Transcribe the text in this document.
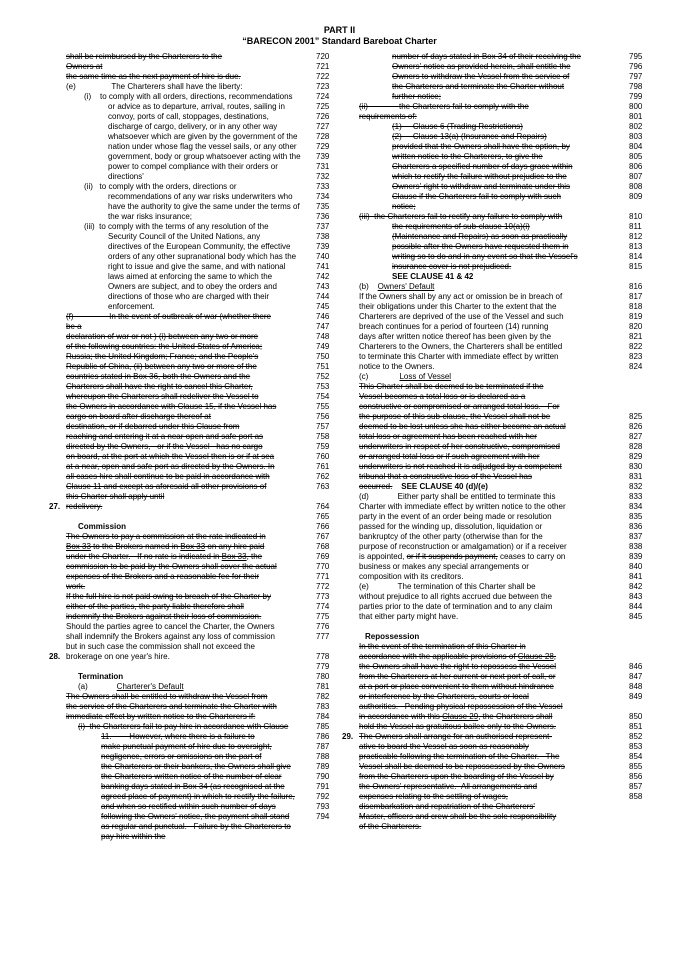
PART II
“BARECON 2001” Standard Bareboat Charter
shall be reimbursed by the Charterers to the	720
Owners at	721
the same time as the next payment of hire is due.	722
(e)                The Charterers shall have the liberty:	723
(i)    to comply with all orders, directions, recommendations	724
or advice as to departure, arrival, routes, sailing in	725
convoy, ports of call, stoppages, destinations,	726
discharge of cargo, delivery, or in any other way	727
whatsoever which are given by the government of the 728
nation under whose flag the vessel sails, or any other 729
government, body or group whatsoever acting with the 739
power to compel compliance with their orders or	731
directions'	732
(ii)   to comply with the orders, directions or	733
recommendations of any war risks underwriters who	734
have the authority to give the same under the terms of 735
the war risks insurance;	736
(iii)  to comply with the terms of any resolution of the	737
Security Council of the United Nations, any	738
directives of the European Community, the effective	739
orders of any other supranational body which has the 740
right to issue and give the same, and with national	741
laws aimed at enforcing the same to which the	742
Owners are subject, and to obey the orders and	743
directions of those who are charged with their	744
enforcement.	745
(f)                In the event of outbreak of war (whether there	746
be a	747
declaration of war or not ) (i) between any two or more	748
of the following countries: the United States of America;	749
Russia; the United Kingdom; France; and the People's	750
Republic of China, (ii) between any two or more of the	751
countries stated in Box 36, both the Owners and the	752
Charterers shall have the right to cancel this Charter,	753
whereupon the Charterers shall redeliver the Vessel to	754
the Owners in accordance with Clause 15, if the Vessel has	755
cargo on board after discharge thereof at	756
destination, or if debarred under this Clause from	757
reaching and entering it at a near open and safe port as	758
directed by the Owners,   or if the Vessel   has no cargo	759
on board, at the port at which the Vessel then is or if at sea	760
at a near, open and safe port as directed by the Owners. In	761
all cases hire shall continue to be paid in accordance with	762
Clause 11 and except as aforesaid all other provisions of	763
this Charter shall apply until
27. redelivery.	764
765
Commission	766
The Owners to pay a commission at the rate indicated in	767
Box 33 to the Brokers named in Box 33 on any hire paid	768
under the Charter.   If no rate is indicated in Box 33, the	769
commission to be paid by the Owners shall cover the actual	770
expenses of the Brokers and a reasonable fee for their	771
work.	772
If the full hire is not paid owing to breach of the Charter by	773
either of the parties, the party liable therefore shall	774
indemnify the Brokers against their loss of commission.	775
Should the parties agree to cancel the Charter, the Owners	776
shall indemnify the Brokers against any loss of commission	777
but in such case the commission shall not exceed the
28. brokerage on one year's hire.	778
779
Termination	780
(a)             Charterer's Default	781
The Owners shall be entitled to withdraw the Vessel from	782
the service of the Charterers and terminate the Charter with	783
immediate effect by written notice to the Charterers if:	784
(i)  the Charterers fail to pay hire in accordance with Clause	785
11.        However, where there is a failure to	786
make punctual payment of hire due to oversight,	787
negligence, errors or omissions on the part of	788
the Charterers or their bankers, the Owners shall give	789
the Charterers written notice of the number of clear	790
banking days stated in Box 34 (as recognised at the	791
agreed place of payment) in which to rectify the failure,	792
and when so rectified within such number of days	793
following the Owners' notice, the payment shall stand	794
as regular and punctual.   Failure by the Charterers to
pay hire within the
number of days stated in Box 34 of their receiving the	795
Owners' notice as provided herein, shall entitle the	796
Owners to withdraw the Vessel from the service of	797
the Charterers and terminate the Charter without	798
further notice;	799
(ii)              the Charterers fail to comply with the	800
requirements of:	801
(1)     Clause 6 (Trading Restrictions)	802
(2)     Clause 13(a) (Insurance and Repairs)	803
provided that the Owners shall have the option, by	804
written notice to the Charterers, to give the	805
Charterers a specified number of days grace within	806
which to rectify the failure without prejudice to the	807
Owners' right to withdraw and terminate under this	808
Clause if the Charterers fail to comply with such	809
notice;
(iii)  the Charterers fail to rectify any failure to comply with	810
the requirements of sub-clause 10(a)(i)	811
(Maintenance and Repairs) as soon as practically	812
possible after the Owners have requested them in	813
writing so to do and in any event so that the Vessel's	814
insurance cover is not prejudiced.	815
SEE CLAUSE 41 & 42
(b)    Owners' Default	816
If the Owners shall by any act or omission be in breach of	817
their obligations under this Charter to the extent that the	818
Charterers are deprived of the use of the Vessel and such	819
breach continues for a period of fourteen (14) running	820
days after written notice thereof has been given by the	821
Charterers to the Owners, the Charterers shall be entitled	822
to terminate this Charter with immediate effect by written	823
notice to the Owners.	824
(c)              Loss of Vessel
This Charter shall be deemed to be terminated if the
Vessel becomes a total loss or is declared as a
constructive or compromised or arranged total loss.   For
the purpose of this sub-clause, the Vessel shall not be	825
deemed to be lost unless she has either become an actual	826
total loss or agreement has been reached with her	827
underwriters in respect of her constructive, compromised	828
or arranged total loss or if such agreement with her	829
underwriters is not reached it is adjudged by a competent	830
tribunal that a constructive loss of the Vessel has	831
occurred.    SEE CLAUSE 40 (d)/(e)	832
(d)             Either party shall be entitled to terminate this	833
Charter with immediate effect by written notice to the other	834
party in the event of an order being made or resolution	835
passed for the winding up, dissolution, liquidation or	836
bankruptcy of the other party (otherwise than for the	837
purpose of reconstruction or amalgamation) or if a receiver	838
is appointed, or if it suspends payment, ceases to carry on	839
business or makes any special arrangements or	840
composition with its creditors.	841
(e)             The termination of this Charter shall be	842
without prejudice to all rights accrued due between the	843
parties prior to the date of termination and to any claim	844
that either party might have.	845
Repossession
In the event of the termination of this Charter in
accordance with the applicable provisions of Clause 28,
the Owners shall have the right to repossess the Vessel	846
from the Charterers at her current or next port of call, or	847
at a port or place convenient to them without hindrance	848
or interference by the Charterers, courts or local	849
authorities.   Pending physical repossession of the Vessel
in accordance with this Clause 29, the Charterers shall	850
hold the Vessel as gratuitous bailee only to the Owners.	851
29. The Owners shall arrange for an authorised represent-	852
ative to board the Vessel as soon as reasonably	853
practicable following the termination of the Charter.   The	854
Vessel shall be deemed to be repossessed by the Owners	855
from the Charterers upon the boarding of the Vessel by	856
the Owners' representative.  All arrangements and	857
expenses relating to the settling of wages,	858
disembarkation and repatriation of the Charterers'
Master, officers and crew shall be the sole responsibility
of the Charterers.
